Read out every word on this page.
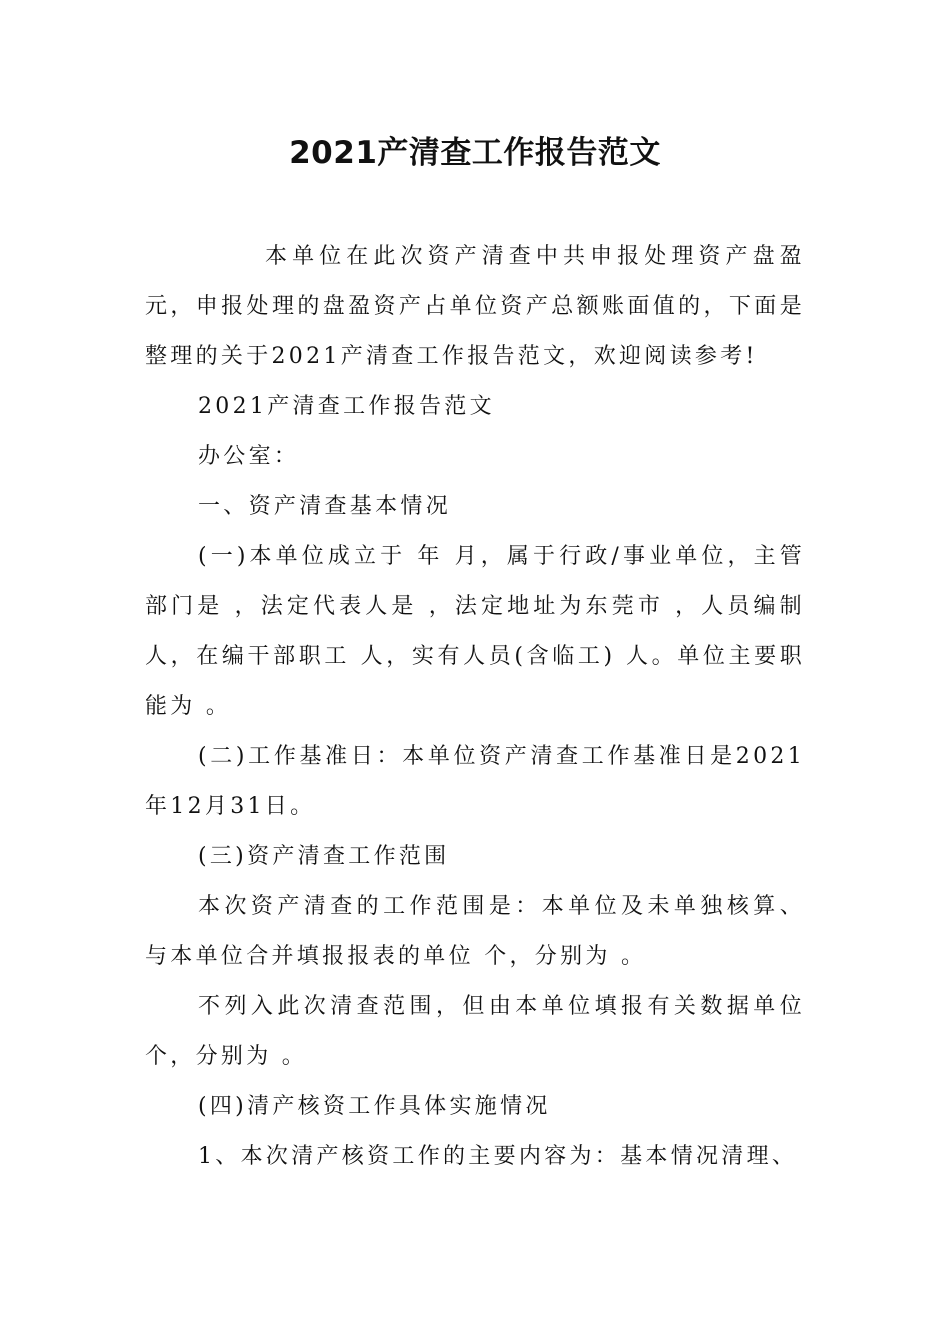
2021产清查工作报告范文

本单位在此次资产清查中共申报处理资产盘盈元，申报处理的盘盈资产占单位资产总额账面值的，下面是整理的关于2021产清查工作报告范文，欢迎阅读参考!

2021产清查工作报告范文

办公室：

一、资产清查基本情况

(一)本单位成立于 年 月，属于行政/事业单位，主管部门是 ，法定代表人是 ，法定地址为东莞市 ，人员编制人，在编干部职工 人，实有人员(含临工) 人。单位主要职能为 。

(二)工作基准日：本单位资产清查工作基准日是2021年12月31日。

(三)资产清查工作范围

本次资产清查的工作范围是：本单位及未单独核算、与本单位合并填报报表的单位 个，分别为 。

不列入此次清查范围，但由本单位填报有关数据单位个，分别为 。

(四)清产核资工作具体实施情况

1、本次清产核资工作的主要内容为：基本情况清理、
